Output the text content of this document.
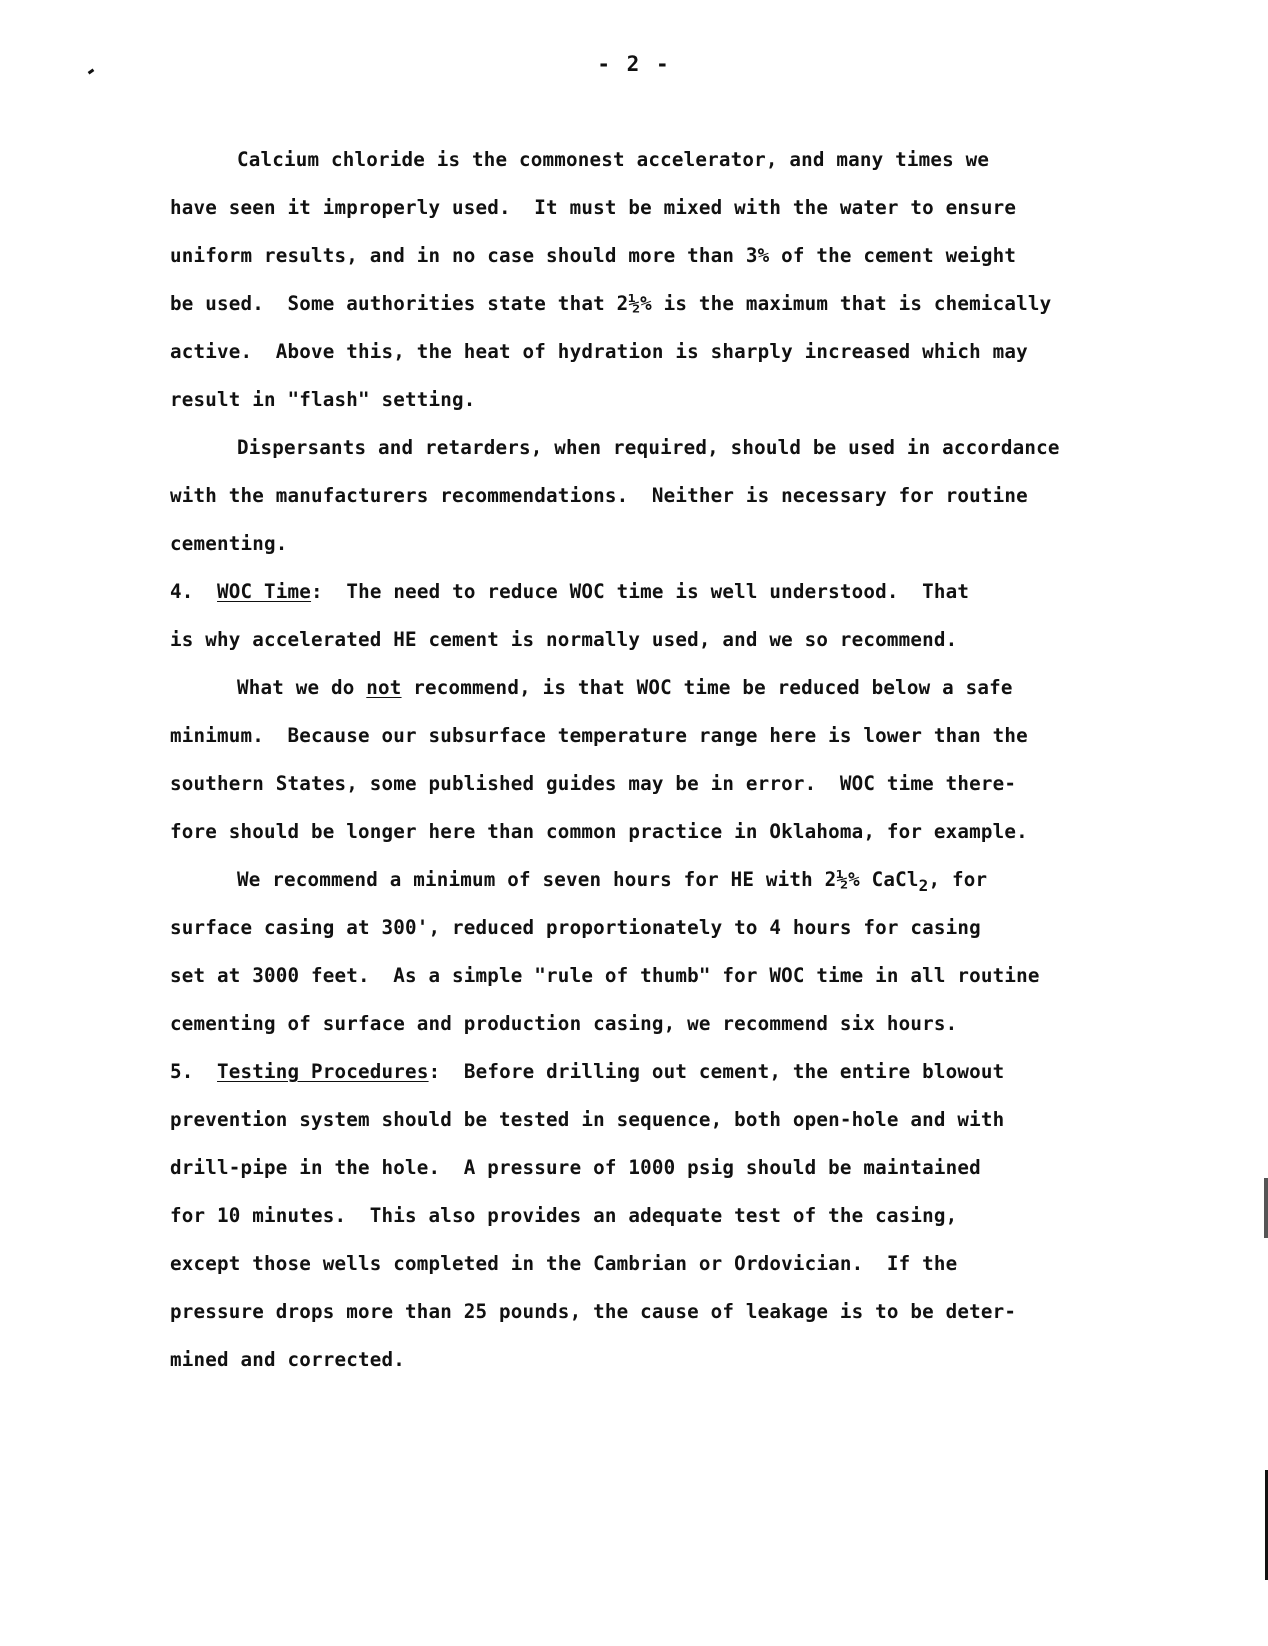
- 2 -
Calcium chloride is the commonest accelerator, and many times we
have seen it improperly used.  It must be mixed with the water to ensure
uniform results, and in no case should more than 3% of the cement weight
be used.  Some authorities state that 2½% is the maximum that is chemically
active.  Above this, the heat of hydration is sharply increased which may
result in "flash" setting.
Dispersants and retarders, when required, should be used in accordance
with the manufacturers recommendations.  Neither is necessary for routine
cementing.
4. WOC Time:  The need to reduce WOC time is well understood.  That
is why accelerated HE cement is normally used, and we so recommend.
What we do not recommend, is that WOC time be reduced below a safe
minimum.  Because our subsurface temperature range here is lower than the
southern States, some published guides may be in error.  WOC time there-
fore should be longer here than common practice in Oklahoma, for example.
We recommend a minimum of seven hours for HE with 2½% CaCl$_2$, for
surface casing at 300', reduced proportionately to 4 hours for casing
set at 3000 feet.  As a simple "rule of thumb" for WOC time in all routine
cementing of surface and production casing, we recommend six hours.
5. Testing Procedures:  Before drilling out cement, the entire blowout
prevention system should be tested in sequence, both open-hole and with
drill-pipe in the hole.  A pressure of 1000 psig should be maintained
for 10 minutes.  This also provides an adequate test of the casing,
except those wells completed in the Cambrian or Ordovician.  If the
pressure drops more than 25 pounds, the cause of leakage is to be deter-
mined and corrected.
